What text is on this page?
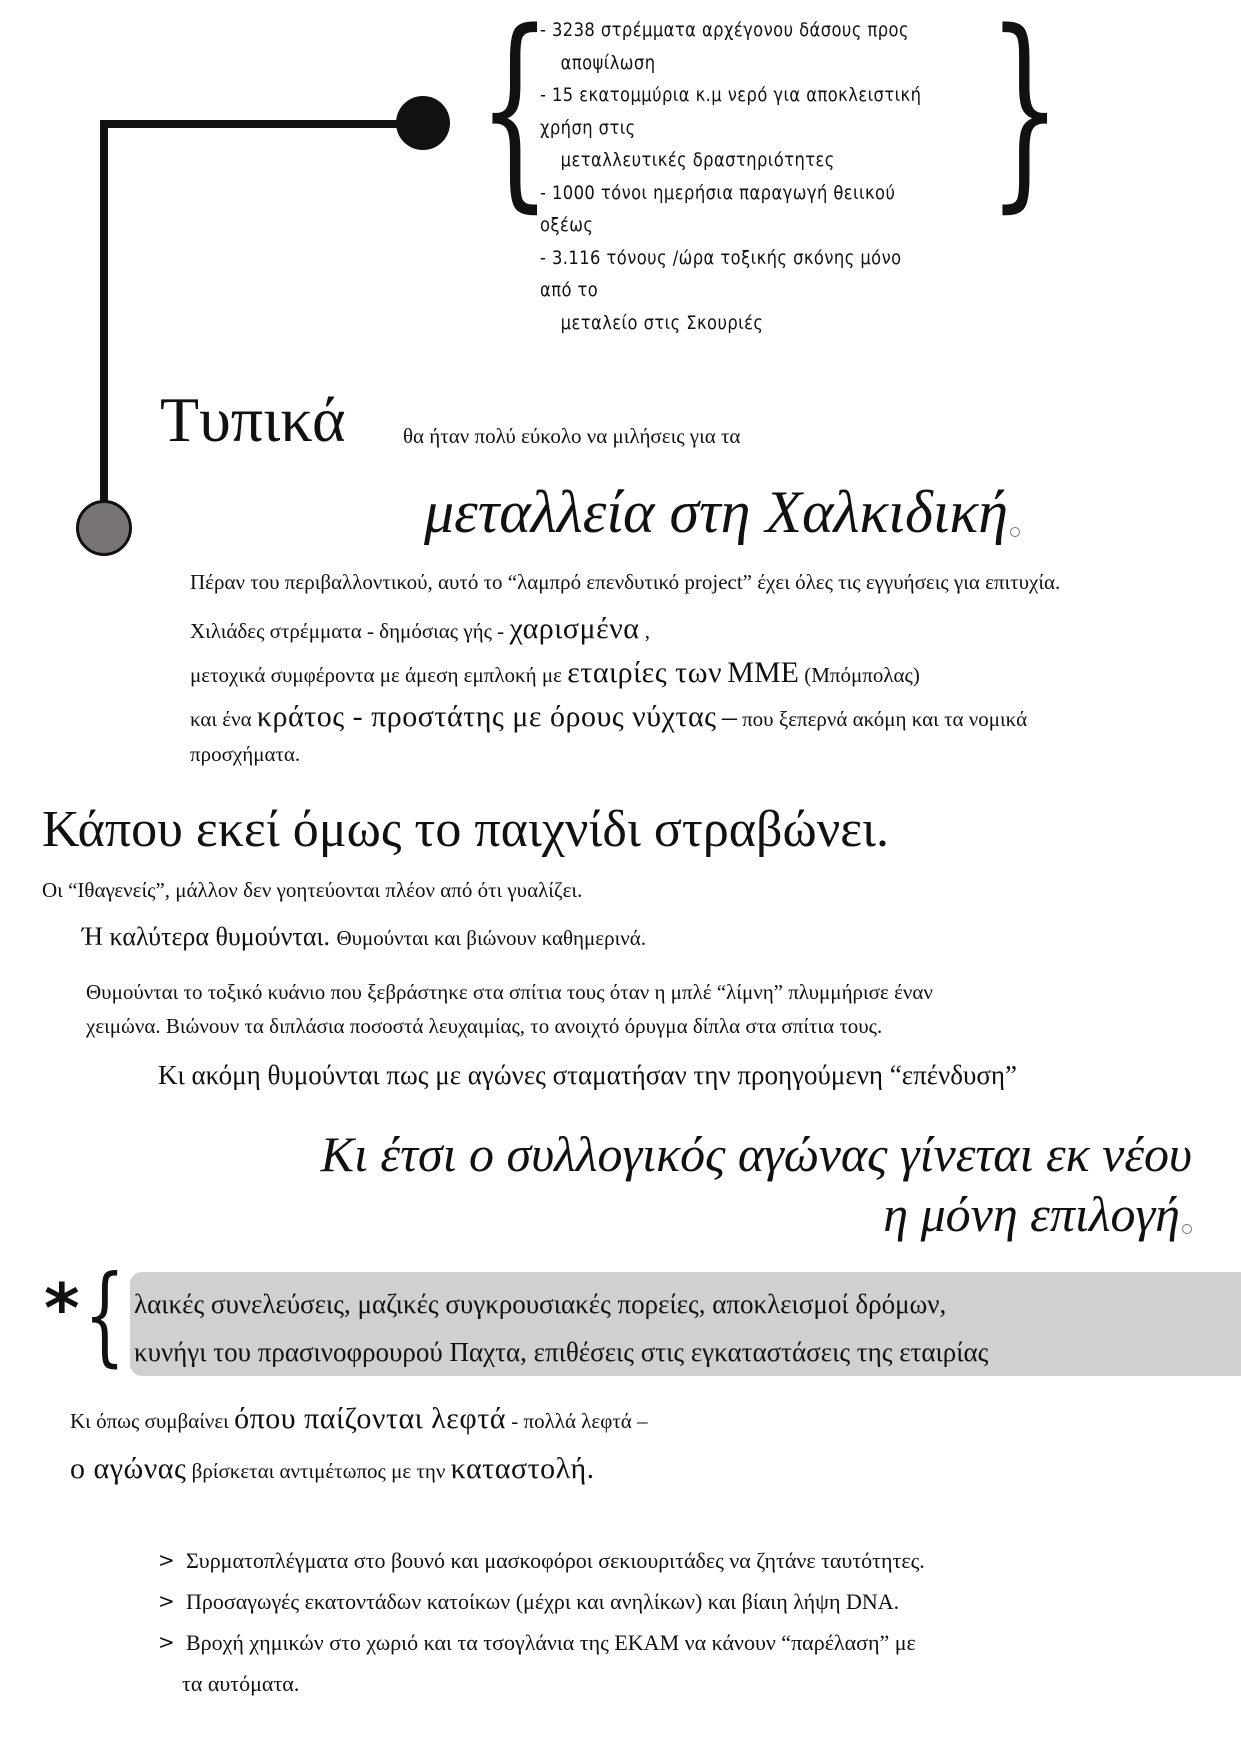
{ }
- 3238 στρέμματα αρχέγονου δάσους προς
αποψίλωση
- 15 εκατομμύρια κ.μ νερό για αποκλειστική χρήση στις
μεταλλευτικές δραστηριότητες
- 1000 τόνοι ημερήσια παραγωγή θειικού οξέως
- 3.116 τόνους /ώρα τοξικής σκόνης μόνο από το
μεταλείο στις Σκουριές
Τυπικά	θα ήταν πολύ εύκολο να μιλήσεις για τα
μεταλλεία στη Χαλκιδική
Πέραν του περιβαλλοντικού, αυτό το “λαμπρό επενδυτικό project” έχει όλες τις εγγυήσεις για επιτυχία.
Χιλιάδες στρέμματα - δημόσιας γής - χαρισμένα ,
μετοχικά συμφέροντα με άμεση εμπλοκή με εταιρίες των ΜΜΕ (Μπόμπολας)
και ένα κράτος - προστάτης με όρους νύχτας – που ξεπερνά ακόμη και τα νομικά
προσχήματα.
Κάπου εκεί όμως το παιχνίδι στραβώνει.
Οι “Ιθαγενείς”, μάλλον δεν γοητεύονται πλέον από ότι γυαλίζει.
Ή καλύτερα θυμούνται. Θυμούνται και βιώνουν καθημερινά.
Θυμούνται το τοξικό κυάνιο που ξεβράστηκε στα σπίτια τους όταν η μπλέ “λίμνη” πλυμμήρισε έναν
χειμώνα. Βιώνουν τα διπλάσια ποσοστά λευχαιμίας, το ανοιχτό όρυγμα δίπλα στα σπίτια τους.
Κι ακόμη θυμούνται πως με αγώνες σταματήσαν την προηγούμενη “επένδυση”
Κι έτσι ο συλλογικός αγώνας γίνεται εκ νέου
η μόνη επιλογή
* { λαικές συνελεύσεις, μαζικές συγκρουσιακές πορείες, αποκλεισμοί δρόμων,
κυνήγι του πρασινοφρουρού Παχτα, επιθέσεις στις εγκαταστάσεις της εταιρίας
Κι όπως συμβαίνει όπου παίζονται λεφτά - πολλά λεφτά –
ο αγώνας βρίσκεται αντιμέτωπος με την καταστολή.
> Συρματοπλέγματα στο βουνό και μασκοφόροι σεκιουριτάδες να ζητάνε ταυτότητες.
> Προσαγωγές εκατοντάδων κατοίκων (μέχρι και ανηλίκων) και βίαιη λήψη DNA.
> Βροχή χημικών στο χωριό και τα τσογλάνια της ΕΚΑΜ να κάνουν “παρέλαση” με
τα αυτόματα.
